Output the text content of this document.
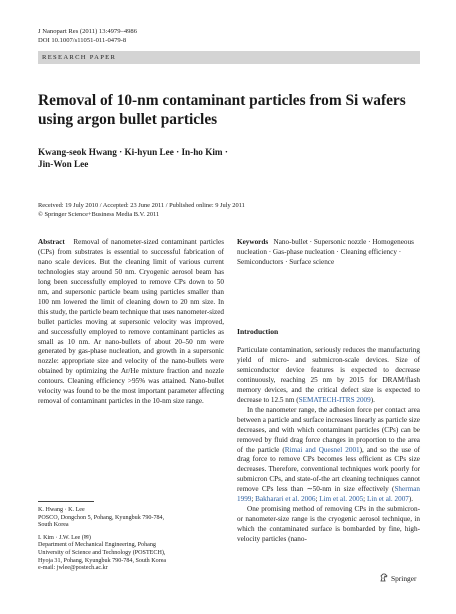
J Nanopart Res (2011) 13:4979–4986
DOI 10.1007/s11051-011-0479-8
RESEARCH PAPER
Removal of 10-nm contaminant particles from Si wafers using argon bullet particles
Kwang-seok Hwang · Ki-hyun Lee · In-ho Kim ·
Jin-Won Lee
Received: 19 July 2010 / Accepted: 23 June 2011 / Published online: 9 July 2011
© Springer Science+Business Media B.V. 2011

Abstract Removal of nanometer-sized contaminant particles (CPs) from substrates is essential to successful fabrication of nano scale devices. But the cleaning limit of various current technologies stay around 50 nm. Cryogenic aerosol beam has long been successfully employed to remove CPs down to 50 nm, and supersonic particle beam using particles smaller than 100 nm lowered the limit of cleaning down to 20 nm size. In this study, the particle beam technique that uses nanometer-sized bullet particles moving at supersonic velocity was improved, and successfully employed to remove contaminant particles as small as 10 nm. Ar nano-bullets of about 20–50 nm were generated by gas-phase nucleation, and growth in a supersonic nozzle: appropriate size and velocity of the nano-bullets were obtained by optimizing the Ar/He mixture fraction and nozzle contours. Cleaning efficiency >95% was attained. Nano-bullet velocity was found to be the most important parameter affecting removal of contaminant particles in the 10-nm size range.

K. Hwang · K. Lee

POSCO, Dongchon 5, Pohang, Kyungbuk 790-784,

South Korea

I. Kim · J.W. Lee (✉)

Department of Mechanical Engineering, Pohang

University of Science and Technology (POSTECH),

Hyoja 31, Pohang, Kyungbuk 790-784, South Korea

e-mail: jwlee@postech.ac.kr

Keywords Nano-bullet · Supersonic nozzle · Homogeneous nucleation · Gas-phase nucleation · Cleaning efficiency · Semiconductors · Surface science

Introduction

Particulate contamination, seriously reduces the manufacturing yield of micro- and submicron-scale devices. Size of semiconductor device features is expected to decrease continuously, reaching 25 nm by 2015 for DRAM/flash memory devices, and the critical defect size is expected to decrease to 12.5 nm (SEMATECH-ITRS 2009).

In the nanometer range, the adhesion force per contact area between a particle and surface increases linearly as particle size decreases, and with which contaminant particles (CPs) can be removed by fluid drag force changes in proportion to the area of the particle (Rimai and Quesnel 2001), and so the use of drag force to remove CPs becomes less efficient as CPs size decreases. Therefore, conventional techniques work poorly for submicron CPs, and state-of-the art cleaning techniques cannot remove CPs less than ∼50-nm in size effectively (Sherman 1999; Bakharari et al. 2006; Lim et al. 2005; Lin et al. 2007).

One promising method of removing CPs in the submicron- or nanometer-size range is the cryogenic aerosol technique, in which the contaminated surface is bombarded by fine, high-velocity particles (nano-

Springer
